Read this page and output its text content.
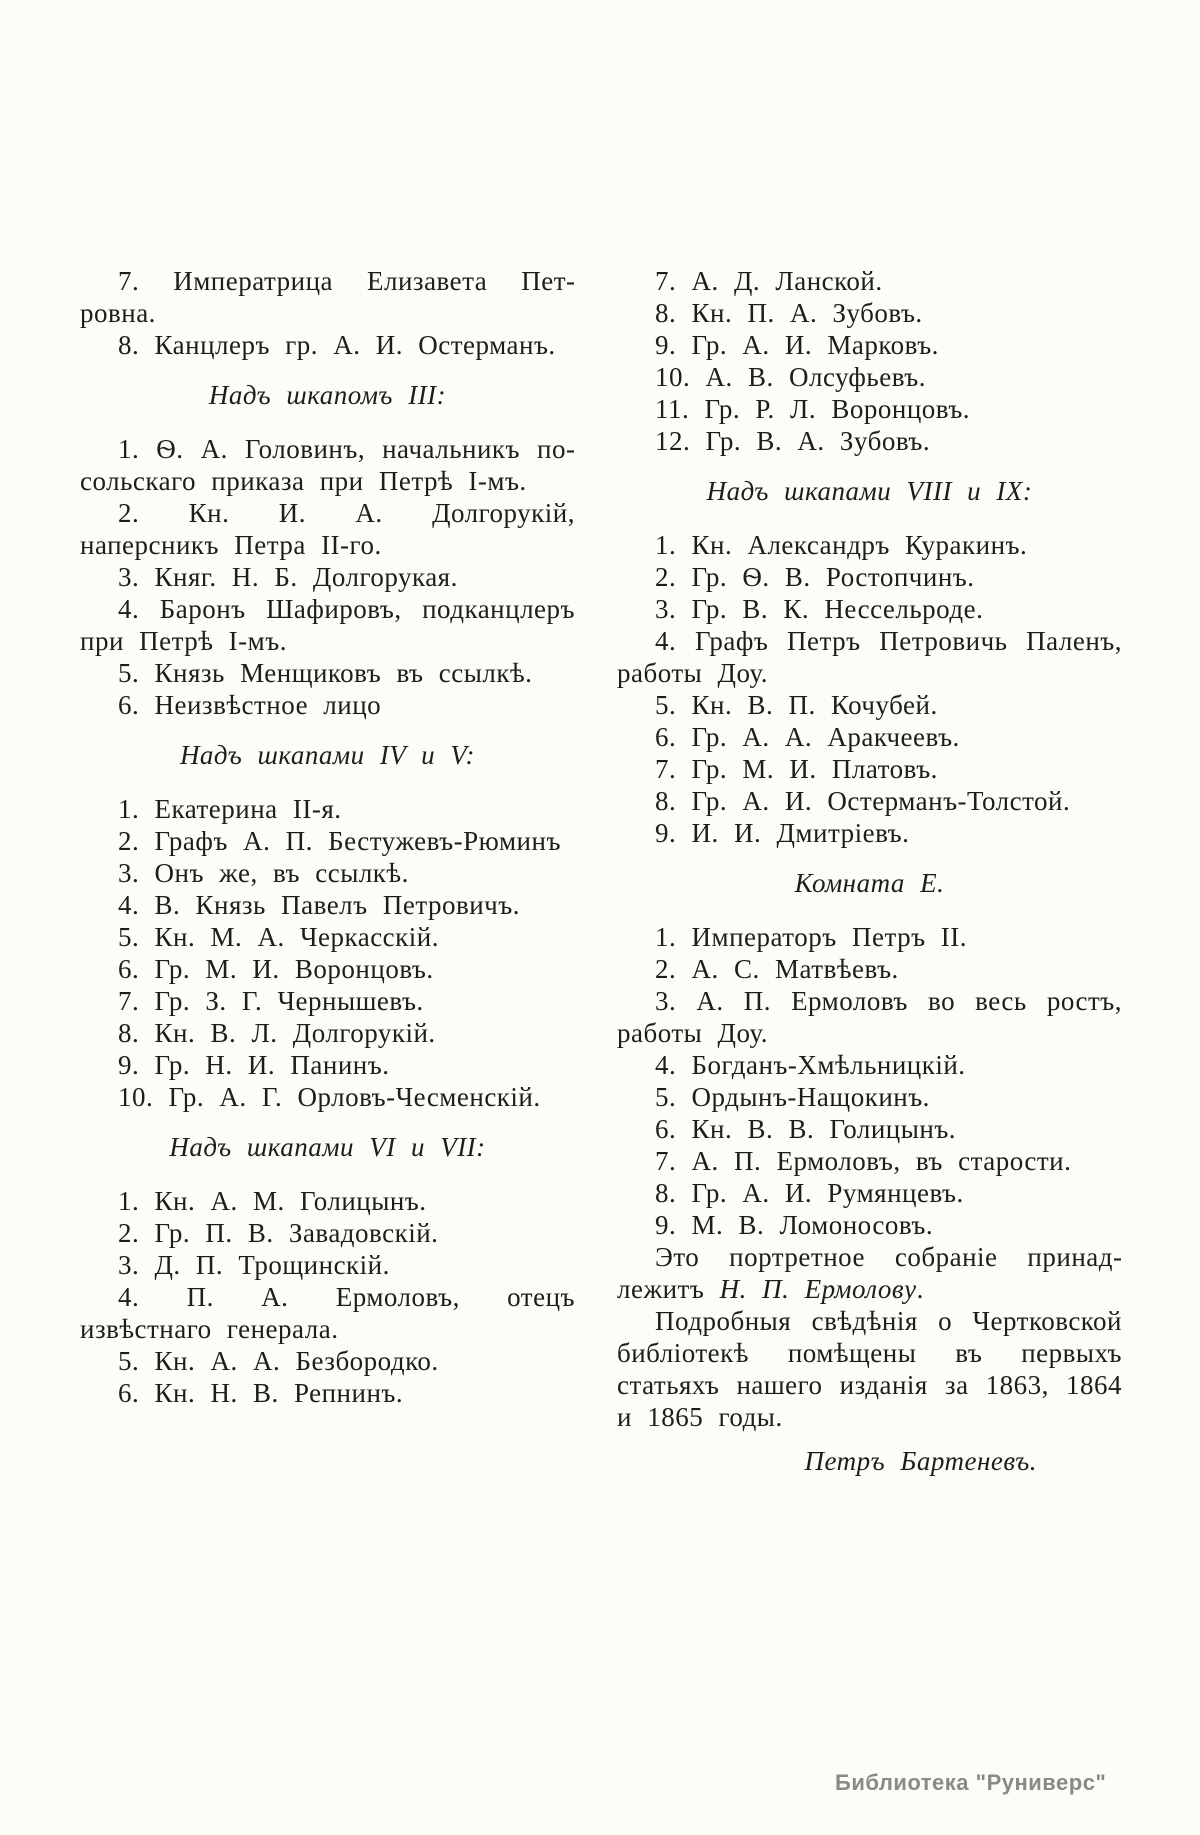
7. Императрица Елизавета Петровна.

8. Канцлеръ гр. А. И. Остерманъ.

Надъ шкапомъ III:

1. Ѳ. А. Головинъ, начальникъ посольскаго приказа при Петрѣ I-мъ.

2. Кн. И. А. Долгорукій, наперсникъ Петра II-го.

3. Княг. Н. Б. Долгорукая.

4. Баронъ Шафировъ, подканцлеръ при Петрѣ I-мъ.

5. Князь Менщиковъ въ ссылкѣ.

6. Неизвѣстное лицо

Надъ шкапами IV и V:

1. Екатерина II-я.

2. Графъ А. П. Бестужевъ-Рюминъ

3. Онъ же, въ ссылкѣ.

4. В. Князь Павелъ Петровичъ.

5. Кн. М. А. Черкасскій.

6. Гр. М. И. Воронцовъ.

7. Гр. З. Г. Чернышевъ.

8. Кн. В. Л. Долгорукій.

9. Гр. Н. И. Панинъ.

10. Гр. А. Г. Орловъ-Чесменскій.

Надъ шкапами VI и VII:

1. Кн. А. М. Голицынъ.

2. Гр. П. В. Завадовскій.

3. Д. П. Трощинскій.

4. П. А. Ермоловъ, отецъ извѣстнаго генерала.

5. Кн. А. А. Безбородко.

6. Кн. Н. В. Репнинъ.

7. А. Д. Ланской.

8. Кн. П. А. Зубовъ.

9. Гр. А. И. Марковъ.

10. А. В. Олсуфьевъ.

11. Гр. Р. Л. Воронцовъ.

12. Гр. В. А. Зубовъ.

Надъ шкапами VIII и IX:

1. Кн. Александръ Куракинъ.

2. Гр. Ѳ. В. Ростопчинъ.

3. Гр. В. К. Нессельроде.

4. Графъ Петръ Петровичь Паленъ, работы Доу.

5. Кн. В. П. Кочубей.

6. Гр. А. А. Аракчеевъ.

7. Гр. М. И. Платовъ.

8. Гр. А. И. Остерманъ-Толстой.

9. И. И. Дмитріевъ.

Комната Е.

1. Императоръ Петръ II.

2. А. С. Матвѣевъ.

3. А. П. Ермоловъ во весь ростъ, работы Доу.

4. Богданъ-Хмѣльницкій.

5. Ордынъ-Нащокинъ.

6. Кн. В. В. Голицынъ.

7. А. П. Ермоловъ, въ старости.

8. Гр. А. И. Румянцевъ.

9. М. В. Ломоносовъ.

Это портретное собраніе принадлежитъ Н. П. Ермолову.

Подробныя свѣдѣнія о Чертковской библіотекѣ помѣщены въ первыхъ статьяхъ нашего изданія за 1863, 1864 и 1865 годы.

Петръ Бартеневъ.

Библиотека "Руниверс"
